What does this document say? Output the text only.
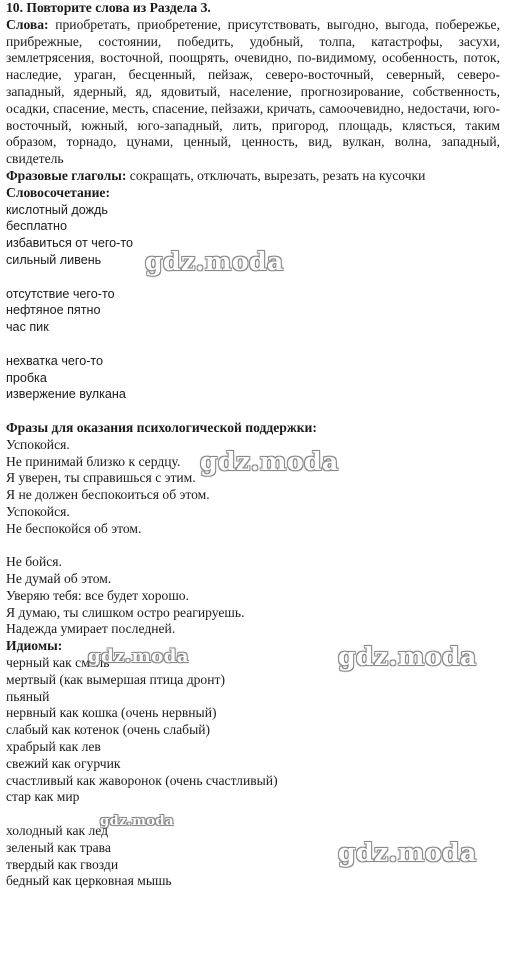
10. Повторите слова из Раздела 3.
Слова: приобретать, приобретение, присутствовать, выгодно, выгода, побережье, прибрежные, состоянии, победить, удобный, толпа, катастрофы, засухи, землетрясения, восточной, поощрять, очевидно, по-видимому, особенность, поток, наследие, ураган, бесценный, пейзаж, северо-восточный, северный, северо-западный, ядерный, яд, ядовитый, население, прогнозирование, собственность, осадки, спасение, месть, спасение, пейзажи, кричать, самоочевидно, недостачи, юго-восточный, южный, юго-западный, лить, пригород, площадь, клясться, таким образом, торнадо, цунами, ценный, ценность, вид, вулкан, волна, западный, свидетель
Фразовые глаголы: сокращать, отключать, вырезать, резать на кусочки
Словосочетание:
кислотный дождь
бесплатно
избавиться от чего-то
сильный ливень
отсутствие чего-то
нефтяное пятно
час пик
нехватка чего-то
пробка
извержение вулкана
Фразы для оказания психологической поддержки:
Успокойся.
Не принимай близко к сердцу.
Я уверен, ты справишься с этим.
Я не должен беспокоиться об этом.
Успокойся.
Не беспокойся об этом.
Не бойся.
Не думай об этом.
Уверяю тебя: все будет хорошо.
Я думаю, ты слишком остро реагируешь.
Надежда умирает последней.
Идиомы:
черный как смоль
мертвый (как вымершая птица дронт)
пьяный
нервный как кошка (очень нервный)
слабый как котенок (очень слабый)
храбрый как лев
свежий как огурчик
счастливый как жаворонок (очень счастливый)
стар как мир
холодный как лед
зеленый как трава
твердый как гвозди
бедный как церковная мышь
gdz.moda
gdz.moda
gdz.moda	gdz.moda
gdz.moda
gdz.moda
